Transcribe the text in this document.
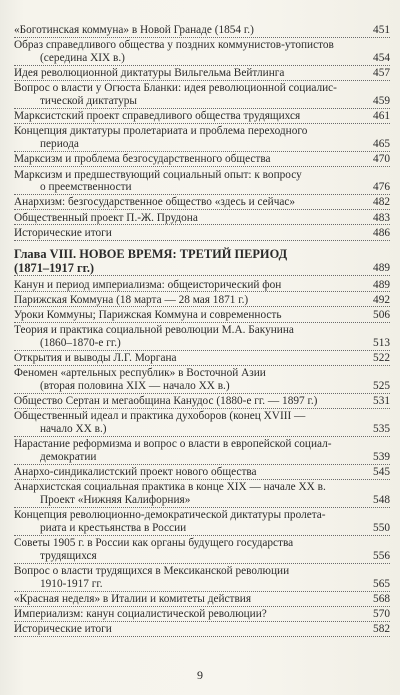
«Боготинская коммуна» в Новой Гранаде (1854 г.)	451
Образ справедливого общества у поздних коммунистов-утопистов
(середина XIX в.)	454
Идея революционной диктатуры Вильгельма Вейтлинга	457
Вопрос о власти у Огюста Бланки: идея революционной социалис-
тической диктатуры	459
Марксистский проект справедливого общества трудящихся	461
Концепция диктатуры пролетариата и проблема переходного
периода	465
Марксизм и проблема безгосударственного общества	470
Марксизм и предшествующий социальный опыт: к вопросу
о преемственности	476
Анархизм: безгосударственное общество «здесь и сейчас»	482
Общественный проект П.-Ж. Прудона	483
Исторические итоги	486
Глава VIII. НОВОЕ ВРЕМЯ: ТРЕТИЙ ПЕРИОД
(1871–1917 гг.)	489
Канун и период империализма: общеисторический фон	489
Парижская Коммуна (18 марта — 28 мая 1871 г.)	492
Уроки Коммуны; Парижская Коммуна и современность	506
Теория и практика социальной революции М.А. Бакунина
(1860–1870-е гг.)	513
Открытия и выводы Л.Г. Моргана	522
Феномен «артельных республик» в Восточной Азии
(вторая половина XIX — начало XX в.)	525
Общество Сертан и мегаобщина Канудос (1880-е гг. — 1897 г.)	531
Общественный идеал и практика духоборов (конец XVIII —
начало XX в.)	535
Нарастание реформизма и вопрос о власти в европейской социал-
демократии	539
Анархо-синдикалистский проект нового общества	545
Анархистская социальная практика в конце XIX — начале XX в.
Проект «Нижняя Калифорния»	548
Концепция революционно-демократической диктатуры пролета-
риата и крестьянства в России	550
Советы 1905 г. в России как органы будущего государства
трудящихся	556
Вопрос о власти трудящихся в Мексиканской революции
1910-1917 гг.	565
«Красная неделя» в Италии и комитеты действия	568
Империализм: канун социалистической революции?	570
Исторические итоги	582
9
